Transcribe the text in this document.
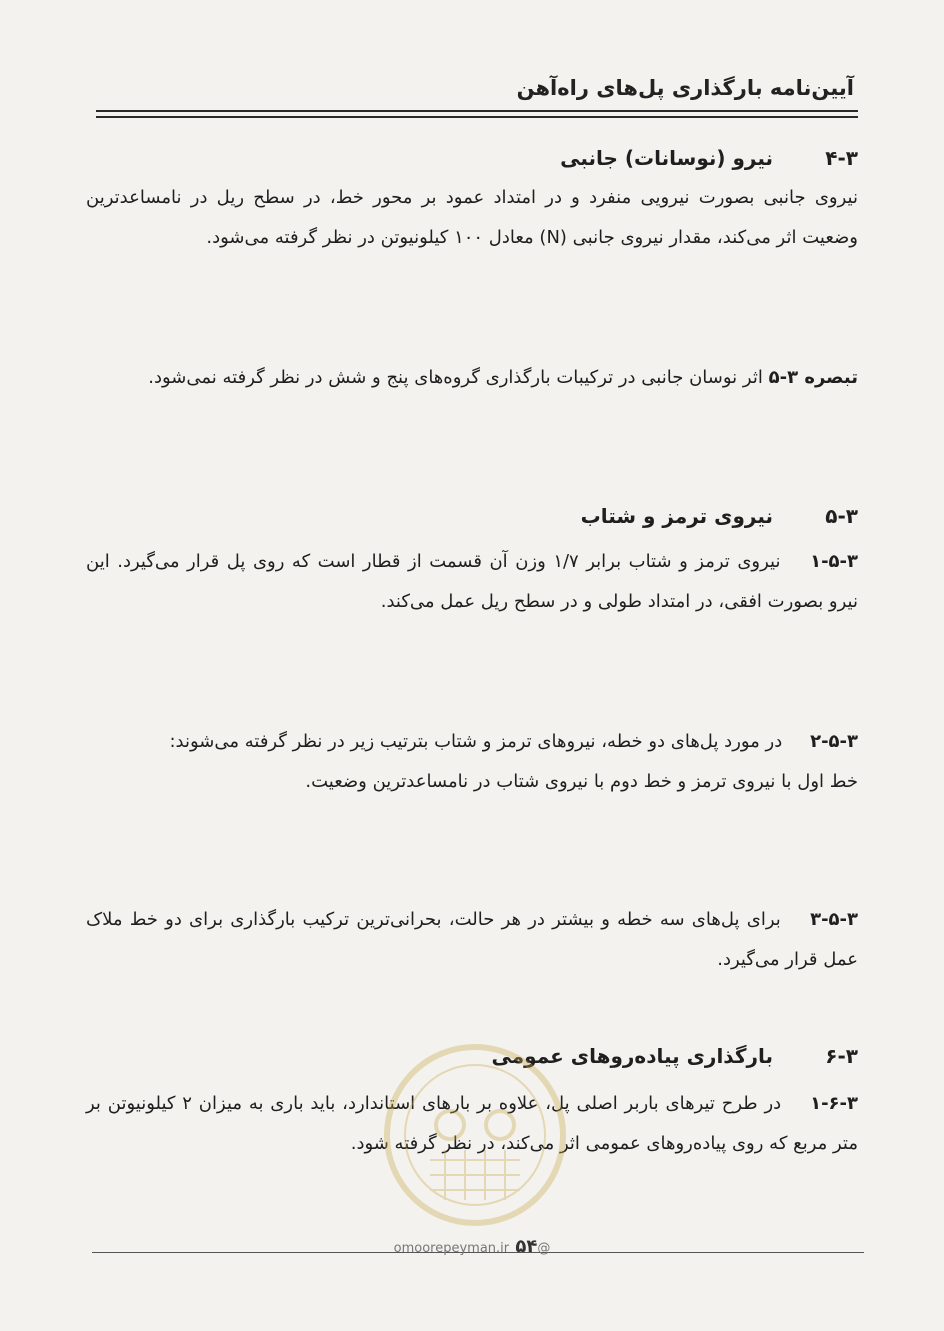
آیین‌نامه بارگذاری پل‌های راه‌آهن
۴-۳ نیرو (نوسانات) جانبی

نیروی جانبی بصورت نیرویی منفرد و در امتداد عمود بر محور خط، در سطح ریل در نامساعدترین وضعیت اثر می‌کند، مقدار نیروی جانبی (N) معادل ۱۰۰ کیلونیوتن در نظر گرفته می‌شود.

تبصره ۳-۵ اثر نوسان جانبی در ترکیبات بارگذاری گروه‌های پنج و شش در نظر گرفته نمی‌شود.

۵-۳ نیروی ترمز و شتاب

۱-۵-۳ نیروی ترمز و شتاب برابر ۱/۷ وزن آن قسمت از قطار است که روی پل قرار می‌گیرد. این نیرو بصورت افقی، در امتداد طولی و در سطح ریل عمل می‌کند.

۲-۵-۳ در مورد پل‌های دو خطه، نیروهای ترمز و شتاب بترتیب زیر در نظر گرفته می‌شوند:

خط اول با نیروی ترمز و خط دوم با نیروی شتاب در نامساعدترین وضعیت.

۳-۵-۳ برای پل‌های سه خطه و بیشتر در هر حالت، بحرانی‌ترین ترکیب بارگذاری برای دو خط ملاک عمل قرار می‌گیرد.

۶-۳ بارگذاری پیاده‌روهای عمومی

۱-۶-۳ در طرح تیرهای باربر اصلی پل، علاوه بر بارهای استاندارد، باید باری به میزان ۲ کیلونیوتن بر متر مربع که روی پیاده‌روهای عمومی اثر می‌کند، در نظر گرفته شود.

@omoorepeyman.ir ۵۴
